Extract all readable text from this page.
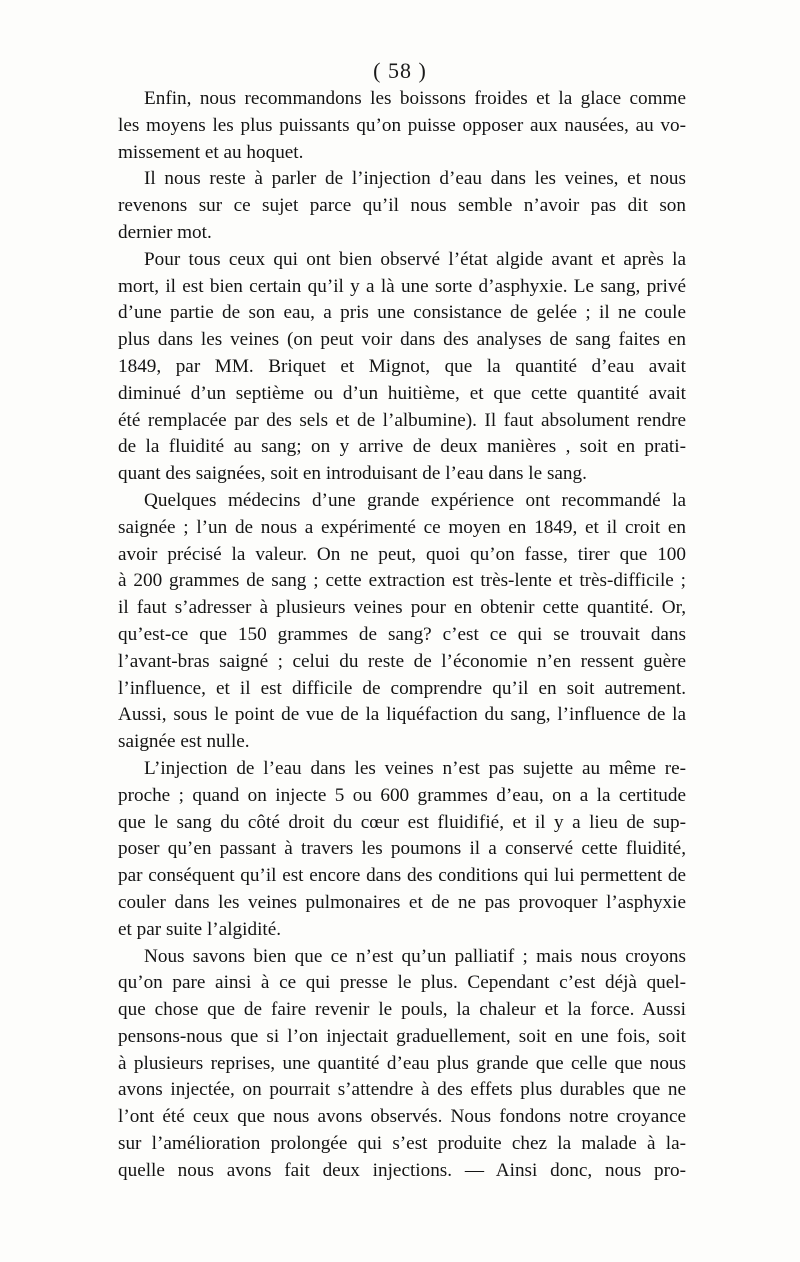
( 58 )
Enfin, nous recommandons les boissons froides et la glace comme
les moyens les plus puissants qu’on puisse opposer aux nausées, au vo-
missement et au hoquet.
Il nous reste à parler de l’injection d’eau dans les veines, et nous
revenons sur ce sujet parce qu’il nous semble n’avoir pas dit son
dernier mot.
Pour tous ceux qui ont bien observé l’état algide avant et après la
mort, il est bien certain qu’il y a là une sorte d’asphyxie. Le sang, privé
d’une partie de son eau, a pris une consistance de gelée ; il ne coule
plus dans les veines (on peut voir dans des analyses de sang faites en
1849, par MM. Briquet et Mignot, que la quantité d’eau avait
diminué d’un septième ou d’un huitième, et que cette quantité avait
été remplacée par des sels et de l’albumine). Il faut absolument rendre
de la fluidité au sang; on y arrive de deux manières , soit en prati-
quant des saignées, soit en introduisant de l’eau dans le sang.
Quelques médecins d’une grande expérience ont recommandé la
saignée ; l’un de nous a expérimenté ce moyen en 1849, et il croit en
avoir précisé la valeur. On ne peut, quoi qu’on fasse, tirer que 100
à 200 grammes de sang ; cette extraction est très-lente et très-difficile ;
il faut s’adresser à plusieurs veines pour en obtenir cette quantité. Or,
qu’est-ce que 150 grammes de sang? c’est ce qui se trouvait dans
l’avant-bras saigné ; celui du reste de l’économie n’en ressent guère
l’influence, et il est difficile de comprendre qu’il en soit autrement.
Aussi, sous le point de vue de la liquéfaction du sang, l’influence de la
saignée est nulle.
L’injection de l’eau dans les veines n’est pas sujette au même re-
proche ; quand on injecte 5 ou 600 grammes d’eau, on a la certitude
que le sang du côté droit du cœur est fluidifié, et il y a lieu de sup-
poser qu’en passant à travers les poumons il a conservé cette fluidité,
par conséquent qu’il est encore dans des conditions qui lui permettent de
couler dans les veines pulmonaires et de ne pas provoquer l’asphyxie
et par suite l’algidité.
Nous savons bien que ce n’est qu’un palliatif ; mais nous croyons
qu’on pare ainsi à ce qui presse le plus. Cependant c’est déjà quel-
que chose que de faire revenir le pouls, la chaleur et la force. Aussi
pensons-nous que si l’on injectait graduellement, soit en une fois, soit
à plusieurs reprises, une quantité d’eau plus grande que celle que nous
avons injectée, on pourrait s’attendre à des effets plus durables que ne
l’ont été ceux que nous avons observés. Nous fondons notre croyance
sur l’amélioration prolongée qui s’est produite chez la malade à la-
quelle nous avons fait deux injections. — Ainsi donc, nous pro-
